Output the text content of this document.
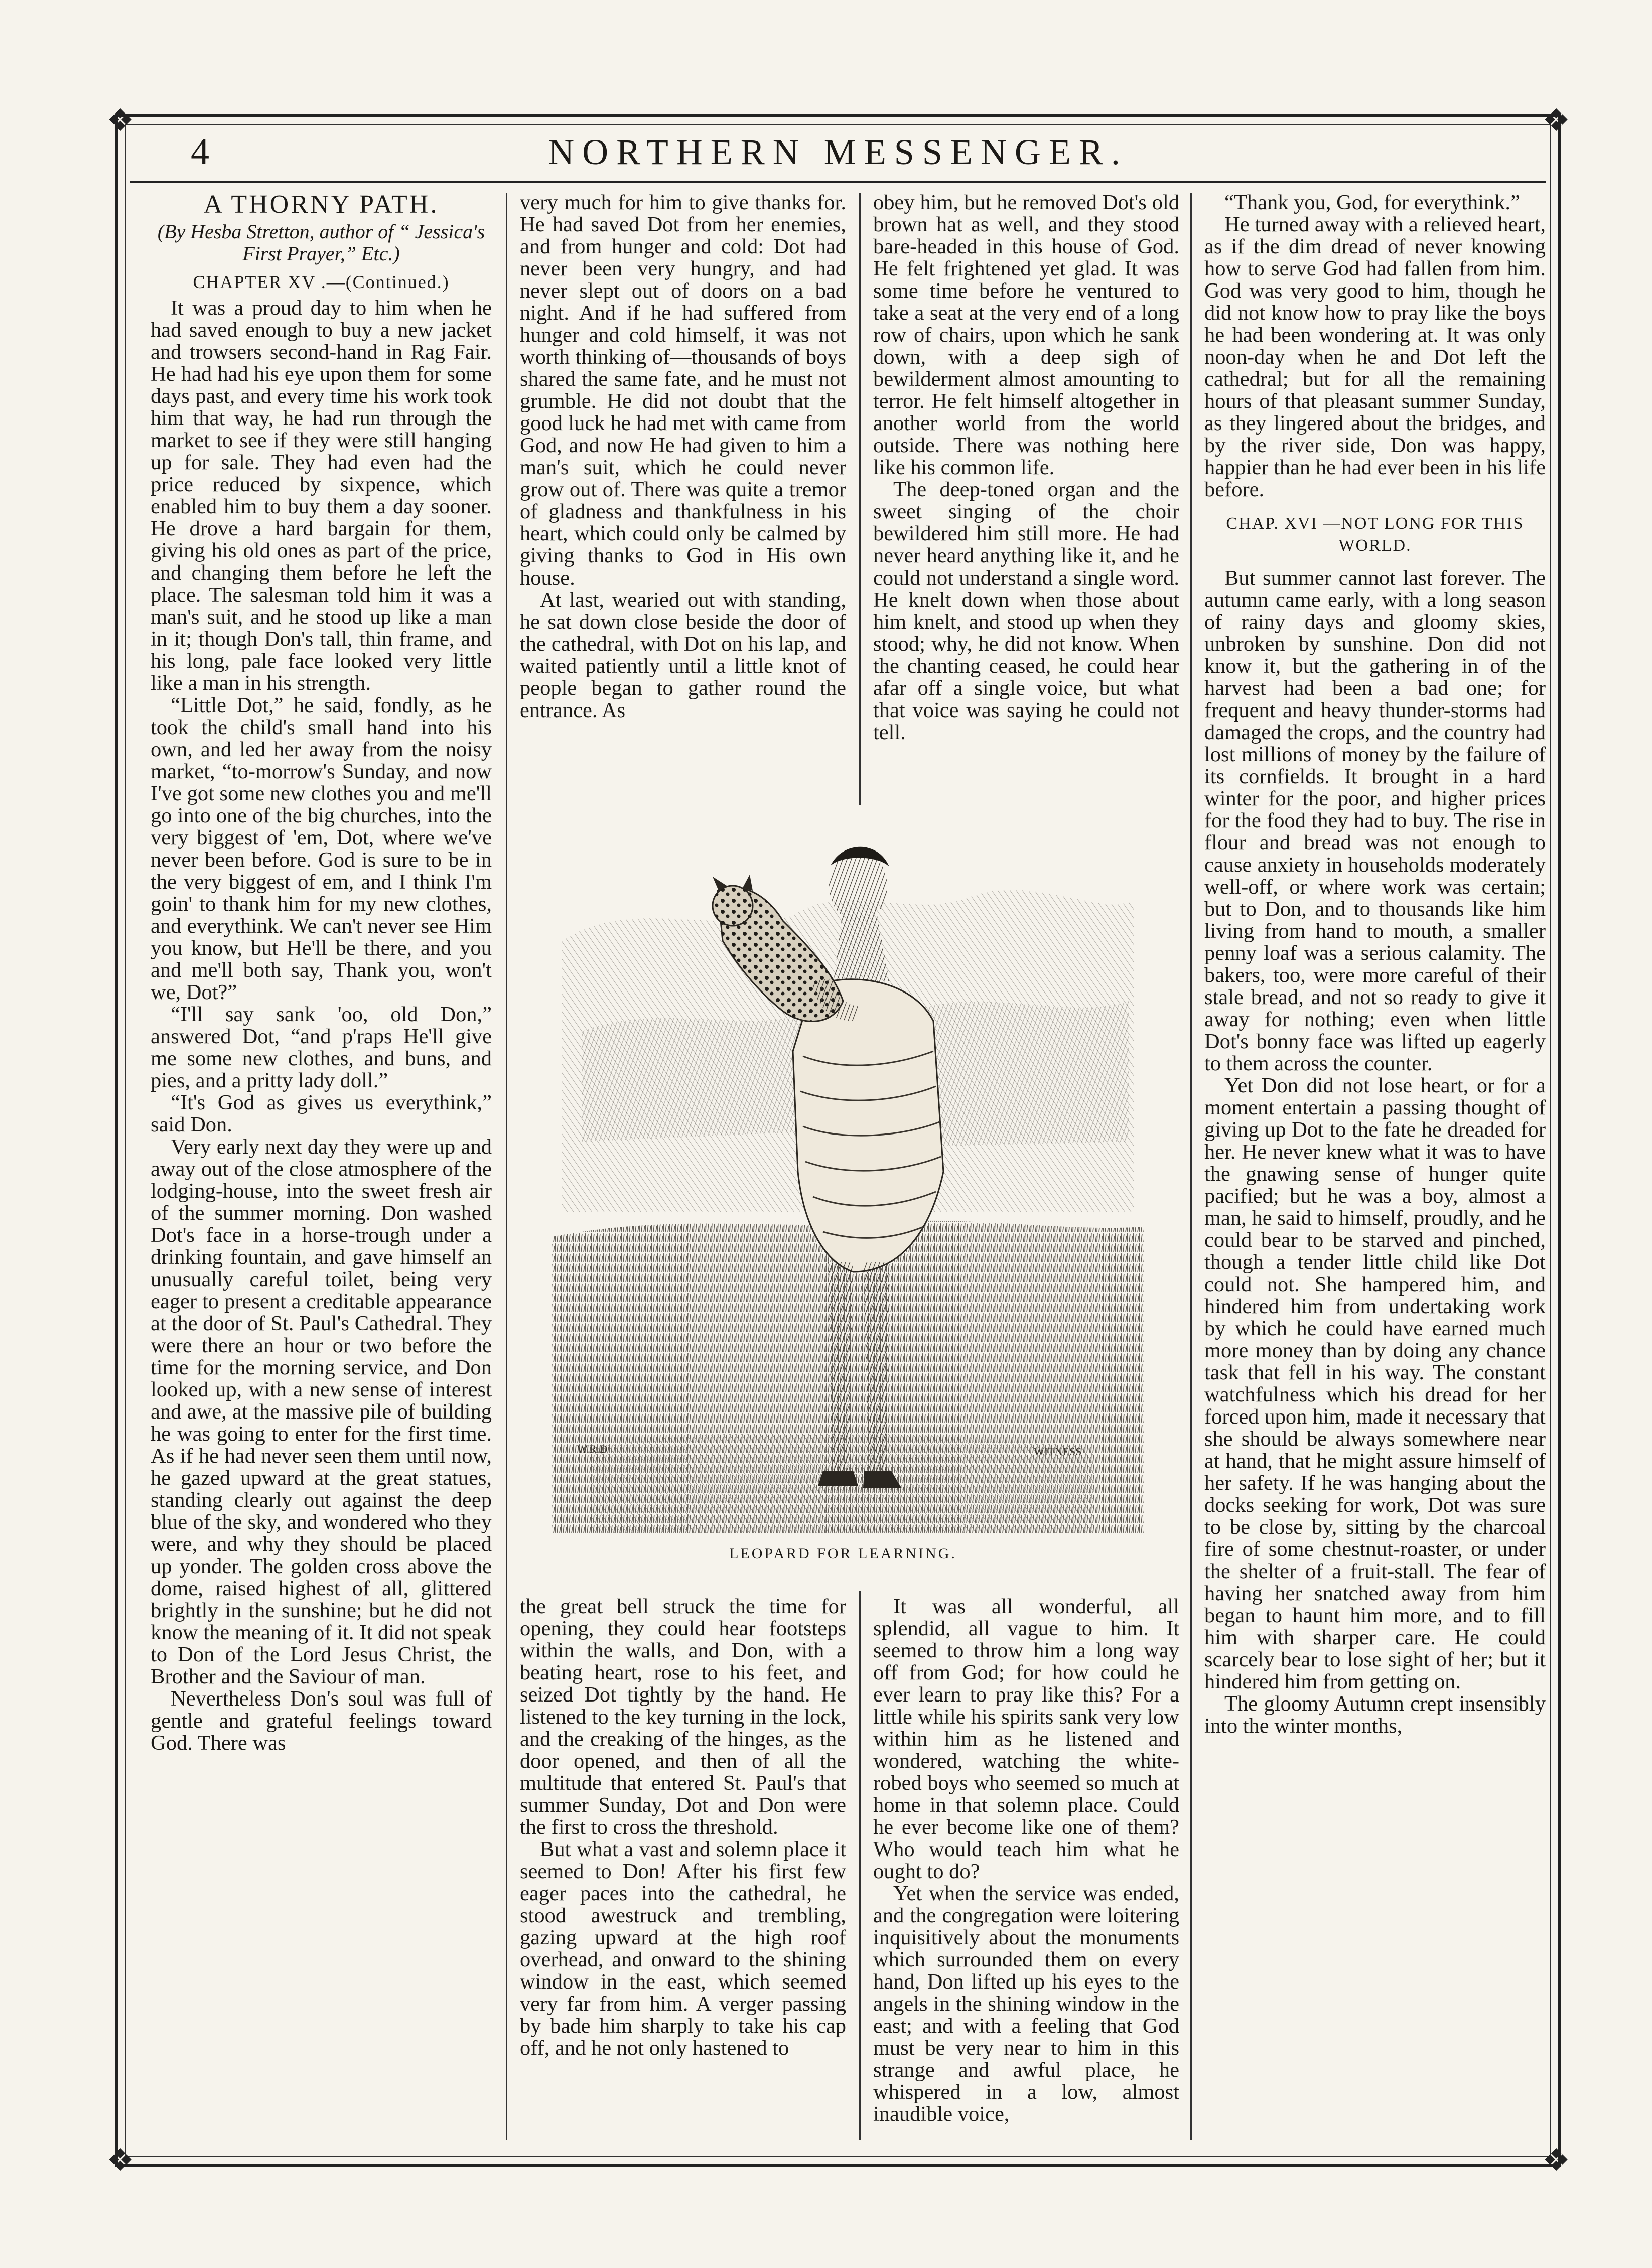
❖	❖
❖	❖
4	NORTHERN MESSENGER.
A THORNY PATH.
(By Hesba Stretton, author of “ Jessica's First Prayer,” Etc.)
CHAPTER XV .—(Continued.)

It was a proud day to him when he had saved enough to buy a new jacket and trowsers second-hand in Rag Fair. He had had his eye upon them for some days past, and every time his work took him that way, he had run through the market to see if they were still hanging up for sale. They had even had the price reduced by sixpence, which enabled him to buy them a day sooner. He drove a hard bargain for them, giving his old ones as part of the price, and changing them before he left the place. The salesman told him it was a man's suit, and he stood up like a man in it; though Don's tall, thin frame, and his long, pale face looked very little like a man in his strength.

“Little Dot,” he said, fondly, as he took the child's small hand into his own, and led her away from the noisy market, “to-morrow's Sunday, and now I've got some new clothes you and me'll go into one of the big churches, into the very biggest of 'em, Dot, where we've never been before. God is sure to be in the very biggest of em, and I think I'm goin' to thank him for my new clothes, and everythink. We can't never see Him you know, but He'll be there, and you and me'll both say, Thank you, won't we, Dot?”

“I'll say sank 'oo, old Don,” answered Dot, “and p'raps He'll give me some new clothes, and buns, and pies, and a pritty lady doll.”

“It's God as gives us everythink,” said Don.

Very early next day they were up and away out of the close atmosphere of the lodging-house, into the sweet fresh air of the summer morning. Don washed Dot's face in a horse-trough under a drinking fountain, and gave himself an unusually careful toilet, being very eager to present a creditable appearance at the door of St. Paul's Cathedral. They were there an hour or two before the time for the morning service, and Don looked up, with a new sense of interest and awe, at the massive pile of building he was going to enter for the first time. As if he had never seen them until now, he gazed upward at the great statues, standing clearly out against the deep blue of the sky, and wondered who they were, and why they should be placed up yonder. The golden cross above the dome, raised highest of all, glittered brightly in the sunshine; but he did not know the meaning of it. It did not speak to Don of the Lord Jesus Christ, the Brother and the Saviour of man.

Nevertheless Don's soul was full of gentle and grateful feelings toward God. There was

very much for him to give thanks for. He had saved Dot from her enemies, and from hunger and cold: Dot had never been very hungry, and had never slept out of doors on a bad night. And if he had suffered from hunger and cold himself, it was not worth thinking of—thousands of boys shared the same fate, and he must not grumble. He did not doubt that the good luck he had met with came from God, and now He had given to him a man's suit, which he could never grow out of. There was quite a tremor of gladness and thankfulness in his heart, which could only be calmed by giving thanks to God in His own house.

At last, wearied out with standing, he sat down close beside the door of the cathedral, with Dot on his lap, and waited patiently until a little knot of people began to gather round the entrance. As

obey him, but he removed Dot's old brown hat as well, and they stood bare-headed in this house of God. He felt frightened yet glad. It was some time before he ventured to take a seat at the very end of a long row of chairs, upon which he sank down, with a deep sigh of bewilderment almost amounting to terror. He felt himself altogether in another world from the world outside. There was nothing here like his common life.

The deep-toned organ and the sweet singing of the choir bewildered him still more. He had never heard anything like it, and he could not understand a single word. He knelt down when those about him knelt, and stood up when they stood; why, he did not know. When the chanting ceased, he could hear afar off a single voice, but what that voice was saying he could not tell.

W.R.D	WITNESS
LEOPARD FOR LEARNING.

the great bell struck the time for opening, they could hear footsteps within the walls, and Don, with a beating heart, rose to his feet, and seized Dot tightly by the hand. He listened to the key turning in the lock, and the creaking of the hinges, as the door opened, and then of all the multitude that entered St. Paul's that summer Sunday, Dot and Don were the first to cross the threshold.

But what a vast and solemn place it seemed to Don! After his first few eager paces into the cathedral, he stood awestruck and trembling, gazing upward at the high roof overhead, and onward to the shining window in the east, which seemed very far from him. A verger passing by bade him sharply to take his cap off, and he not only hastened to

It was all wonderful, all splendid, all vague to him. It seemed to throw him a long way off from God; for how could he ever learn to pray like this? For a little while his spirits sank very low within him as he listened and wondered, watching the white-robed boys who seemed so much at home in that solemn place. Could he ever become like one of them? Who would teach him what he ought to do?

Yet when the service was ended, and the congregation were loitering inquisitively about the monuments which surrounded them on every hand, Don lifted up his eyes to the angels in the shining window in the east; and with a feeling that God must be very near to him in this strange and awful place, he whispered in a low, almost inaudible voice,

“Thank you, God, for everythink.”

He turned away with a relieved heart, as if the dim dread of never knowing how to serve God had fallen from him. God was very good to him, though he did not know how to pray like the boys he had been wondering at. It was only noon-day when he and Dot left the cathedral; but for all the remaining hours of that pleasant summer Sunday, as they lingered about the bridges, and by the river side, Don was happy, happier than he had ever been in his life before.

CHAP. XVI —NOT LONG FOR THIS WORLD.

But summer cannot last forever. The autumn came early, with a long season of rainy days and gloomy skies, unbroken by sunshine. Don did not know it, but the gathering in of the harvest had been a bad one; for frequent and heavy thunder-storms had damaged the crops, and the country had lost millions of money by the failure of its cornfields. It brought in a hard winter for the poor, and higher prices for the food they had to buy. The rise in flour and bread was not enough to cause anxiety in households moderately well-off, or where work was certain; but to Don, and to thousands like him living from hand to mouth, a smaller penny loaf was a serious calamity. The bakers, too, were more careful of their stale bread, and not so ready to give it away for nothing; even when little Dot's bonny face was lifted up eagerly to them across the counter.

Yet Don did not lose heart, or for a moment entertain a passing thought of giving up Dot to the fate he dreaded for her. He never knew what it was to have the gnawing sense of hunger quite pacified; but he was a boy, almost a man, he said to himself, proudly, and he could bear to be starved and pinched, though a tender little child like Dot could not. She hampered him, and hindered him from undertaking work by which he could have earned much more money than by doing any chance task that fell in his way. The constant watchfulness which his dread for her forced upon him, made it necessary that she should be always somewhere near at hand, that he might assure himself of her safety. If he was hanging about the docks seeking for work, Dot was sure to be close by, sitting by the charcoal fire of some chestnut-roaster, or under the shelter of a fruit-stall. The fear of having her snatched away from him began to haunt him more, and to fill him with sharper care. He could scarcely bear to lose sight of her; but it hindered him from getting on.

The gloomy Autumn crept insensibly into the winter months,
